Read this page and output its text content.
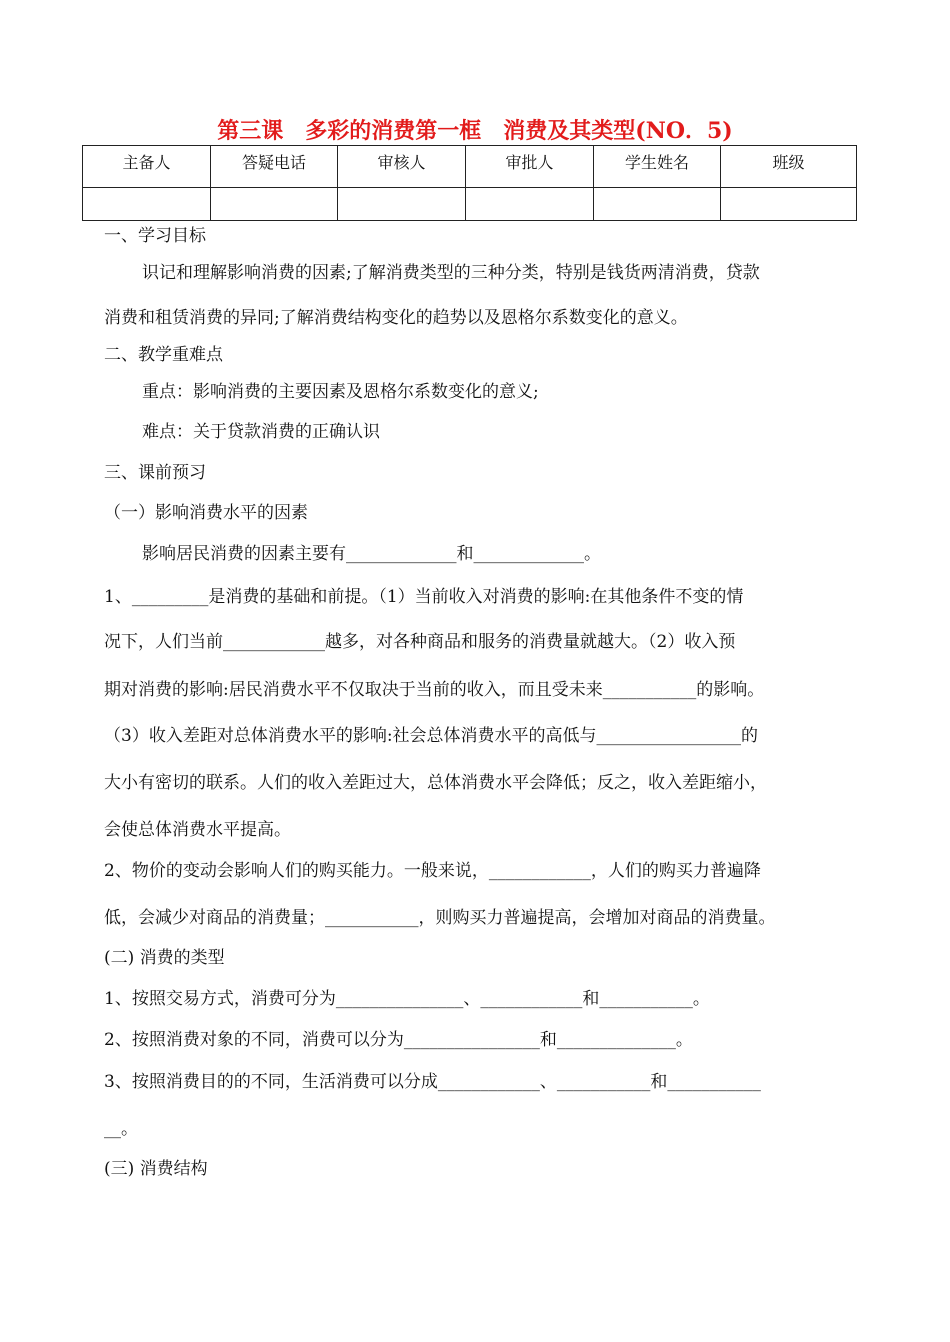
第三课　多彩的消费第一框　消费及其类型(NO．5)
主备人	答疑电话	审核人	审批人	学生姓名	班级

一、学习目标
识记和理解影响消费的因素;了解消费类型的三种分类，特别是钱货两清消费，贷款
消费和租赁消费的异同;了解消费结构变化的趋势以及恩格尔系数变化的意义。
二、教学重难点
重点：影响消费的主要因素及恩格尔系数变化的意义;
难点：关于贷款消费的正确认识
三、课前预习
（一）影响消费水平的因素
影响居民消费的因素主要有_____________和_____________。
1、_________是消费的基础和前提。（1）当前收入对消费的影响:在其他条件不变的情
况下，人们当前____________越多，对各种商品和服务的消费量就越大。（2）收入预
期对消费的影响:居民消费水平不仅取决于当前的收入，而且受未来___________的影响。
（3）收入差距对总体消费水平的影响:社会总体消费水平的高低与_________________的
大小有密切的联系。人们的收入差距过大，总体消费水平会降低；反之，收入差距缩小，
会使总体消费水平提高。
2、物价的变动会影响人们的购买能力。一般来说，____________，人们的购买力普遍降
低，会减少对商品的消费量；___________，则购买力普遍提高，会增加对商品的消费量。
(二) 消费的类型
1、按照交易方式，消费可分为_______________、____________和___________。
2、按照消费对象的不同，消费可以分为________________和______________。
3、按照消费目的的不同，生活消费可以分成____________、___________和___________
__。
(三) 消费结构
